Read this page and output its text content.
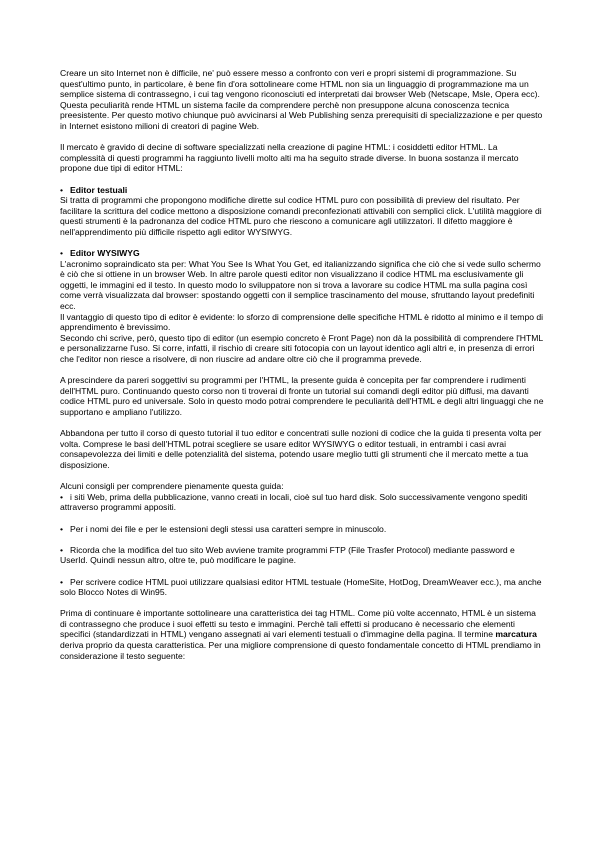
Creare un sito Internet non è difficile, ne' può essere messo a confronto con veri e propri sistemi di programmazione. Su quest'ultimo punto, in particolare, è bene fin d'ora sottolineare come HTML non sia un linguaggio di programmazione ma un semplice sistema di contrassegno, i cui tag vengono riconosciuti ed interpretati dai browser Web (Netscape, Msle, Opera ecc). Questa peculiarità rende HTML un sistema facile da comprendere perchè non presuppone alcuna conoscenza tecnica preesistente. Per questo motivo chiunque può avvicinarsi al Web Publishing senza prerequisiti di specializzazione e per questo in Internet esistono milioni di creatori di pagine Web.

Il mercato è gravido di decine di software specializzati nella creazione di pagine HTML: i cosiddetti editor HTML. La complessità di questi programmi ha raggiunto livelli molto alti ma ha seguito strade diverse. In buona sostanza il mercato propone due tipi di editor HTML:

• Editor testuali

Si tratta di programmi che propongono modifiche dirette sul codice HTML puro con possibilità di preview del risultato. Per facilitare la scrittura del codice mettono a disposizione comandi preconfezionati attivabili con semplici click. L'utilità maggiore di questi strumenti è la padronanza del codice HTML puro che riescono a comunicare agli utilizzatori. Il difetto maggiore è nell'apprendimento più difficile rispetto agli editor WYSIWYG.

• Editor WYSIWYG

L'acronimo sopraindicato sta per: What You See Is What You Get, ed italianizzando significa che ciò che si vede sullo schermo è ciò che si ottiene in un browser Web. In altre parole questi editor non visualizzano il codice HTML ma esclusivamente gli oggetti, le immagini ed il testo. In questo modo lo sviluppatore non si trova a lavorare su codice HTML ma sulla pagina così come verrà visualizzata dal browser: spostando oggetti con il semplice trascinamento del mouse, sfruttando layout predefiniti ecc.

Il vantaggio di questo tipo di editor è evidente: lo sforzo di comprensione delle specifiche HTML è ridotto al minimo e il tempo di apprendimento è brevissimo.

Secondo chi scrive, però, questo tipo di editor (un esempio concreto è Front Page) non dà la possibilità di comprendere l'HTML e personalizzarne l'uso. Si corre, infatti, il rischio di creare siti fotocopia con un layout identico agli altri e, in presenza di errori che l'editor non riesce a risolvere, di non riuscire ad andare oltre ciò che il programma prevede.

A prescindere da pareri soggettivi su programmi per l'HTML, la presente guida è concepita per far comprendere i rudimenti dell'HTML puro. Continuando questo corso non ti troverai di fronte un tutorial sui comandi degli editor più diffusi, ma davanti codice HTML puro ed universale. Solo in questo modo potrai comprendere le peculiarità dell'HTML e degli altri linguaggi che ne supportano e ampliano l'utilizzo.

Abbandona per tutto il corso di questo tutorial il tuo editor e concentrati sulle nozioni di codice che la guida ti presenta volta per volta. Comprese le basi dell'HTML potrai scegliere se usare editor WYSIWYG o editor testuali, in entrambi i casi avrai consapevolezza dei limiti e delle potenzialità del sistema, potendo usare meglio tutti gli strumenti che il mercato mette a tua disposizione.

Alcuni consigli per comprendere pienamente questa guida:

• i siti Web, prima della pubblicazione, vanno creati in locali, cioè sul tuo hard disk. Solo successivamente vengono spediti attraverso programmi appositi.

• Per i nomi dei file e per le estensioni degli stessi usa caratteri sempre in minuscolo.

• Ricorda che la modifica del tuo sito Web avviene tramite programmi FTP (File Trasfer Protocol) mediante password e UserId. Quindi nessun altro, oltre te, può modificare le pagine.

• Per scrivere codice HTML puoi utilizzare qualsiasi editor HTML testuale (HomeSite, HotDog, DreamWeaver ecc.), ma anche solo Blocco Notes di Win95.

Prima di continuare è importante sottolineare una caratteristica dei tag HTML. Come più volte accennato, HTML è un sistema di contrassegno che produce i suoi effetti su testo e immagini. Perchè tali effetti si producano è necessario che elementi specifici (standardizzati in HTML) vengano assegnati ai vari elementi testuali o d'immagine della pagina. Il termine marcatura deriva proprio da questa caratteristica. Per una migliore comprensione di questo fondamentale concetto di HTML prendiamo in considerazione il testo seguente:
